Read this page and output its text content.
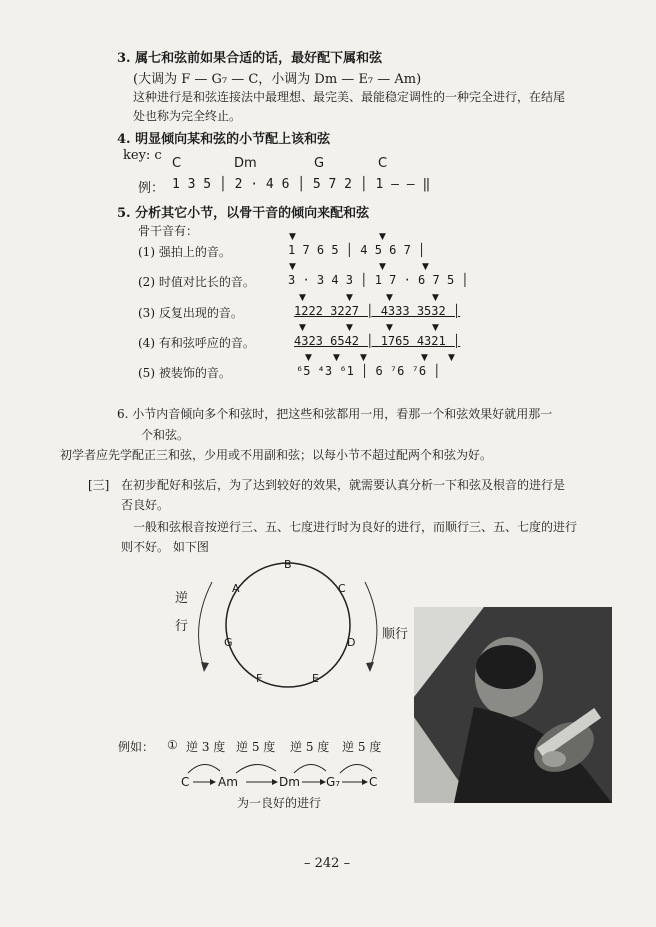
3. 属七和弦前如果合适的话，最好配下属和弦
(大调为 F — G₇ — C，小调为 Dm — E₇ — Am)
这种进行是和弦连接法中最理想、最完美、最能稳定调性的一种完全进行，在结尾
处也称为完全终止。
4. 明显倾向某和弦的小节配上该和弦
key: c
C	Dm	G	C
例： 1 3 5 │ 2 · 4 6 │ 5 7 2 │ 1 — — ‖
5. 分析其它小节，以骨干音的倾向来配和弦
骨干音有：
(1) 强拍上的音。	1 7 6 5 │ 4 5 6 7 │
(2) 时值对比长的音。	3 · 3 4 3 │ 1 7 · 6 7 5 │
(3) 反复出现的音。	1222 3227 │ 4333 3532 │
(4) 有和弦呼应的音。	4323 6542 │ 1765 4321 │
(5) 被装饰的音。	⁶5 ⁴3 ⁶1 │ 6 ⁷6 ⁷6 │
▼	▼
▼	▼	▼
▼	▼	▼	▼
▼	▼	▼	▼
▼ ▼ ▼	▼ ▼
6. 小节内音倾向多个和弦时，把这些和弦都用一用，看那一个和弦效果好就用那一
个和弦。
初学者应先学配正三和弦，少用或不用副和弦；以每小节不超过配两个和弦为好。
[三] 在初步配好和弦后，为了达到较好的效果，就需要认真分析一下和弦及根音的进行是
否良好。
一般和弦根音按逆行三、五、七度进行时为良好的进行，而顺行三、五、七度的进行
则不好。 如下图
B
C
D
E
F
G
A
逆
行
顺行
例如： ① 逆 3 度 逆 5 度 逆 5 度 逆 5 度
C Am	Dm G₇ C
为一良好的进行
– 242 –
